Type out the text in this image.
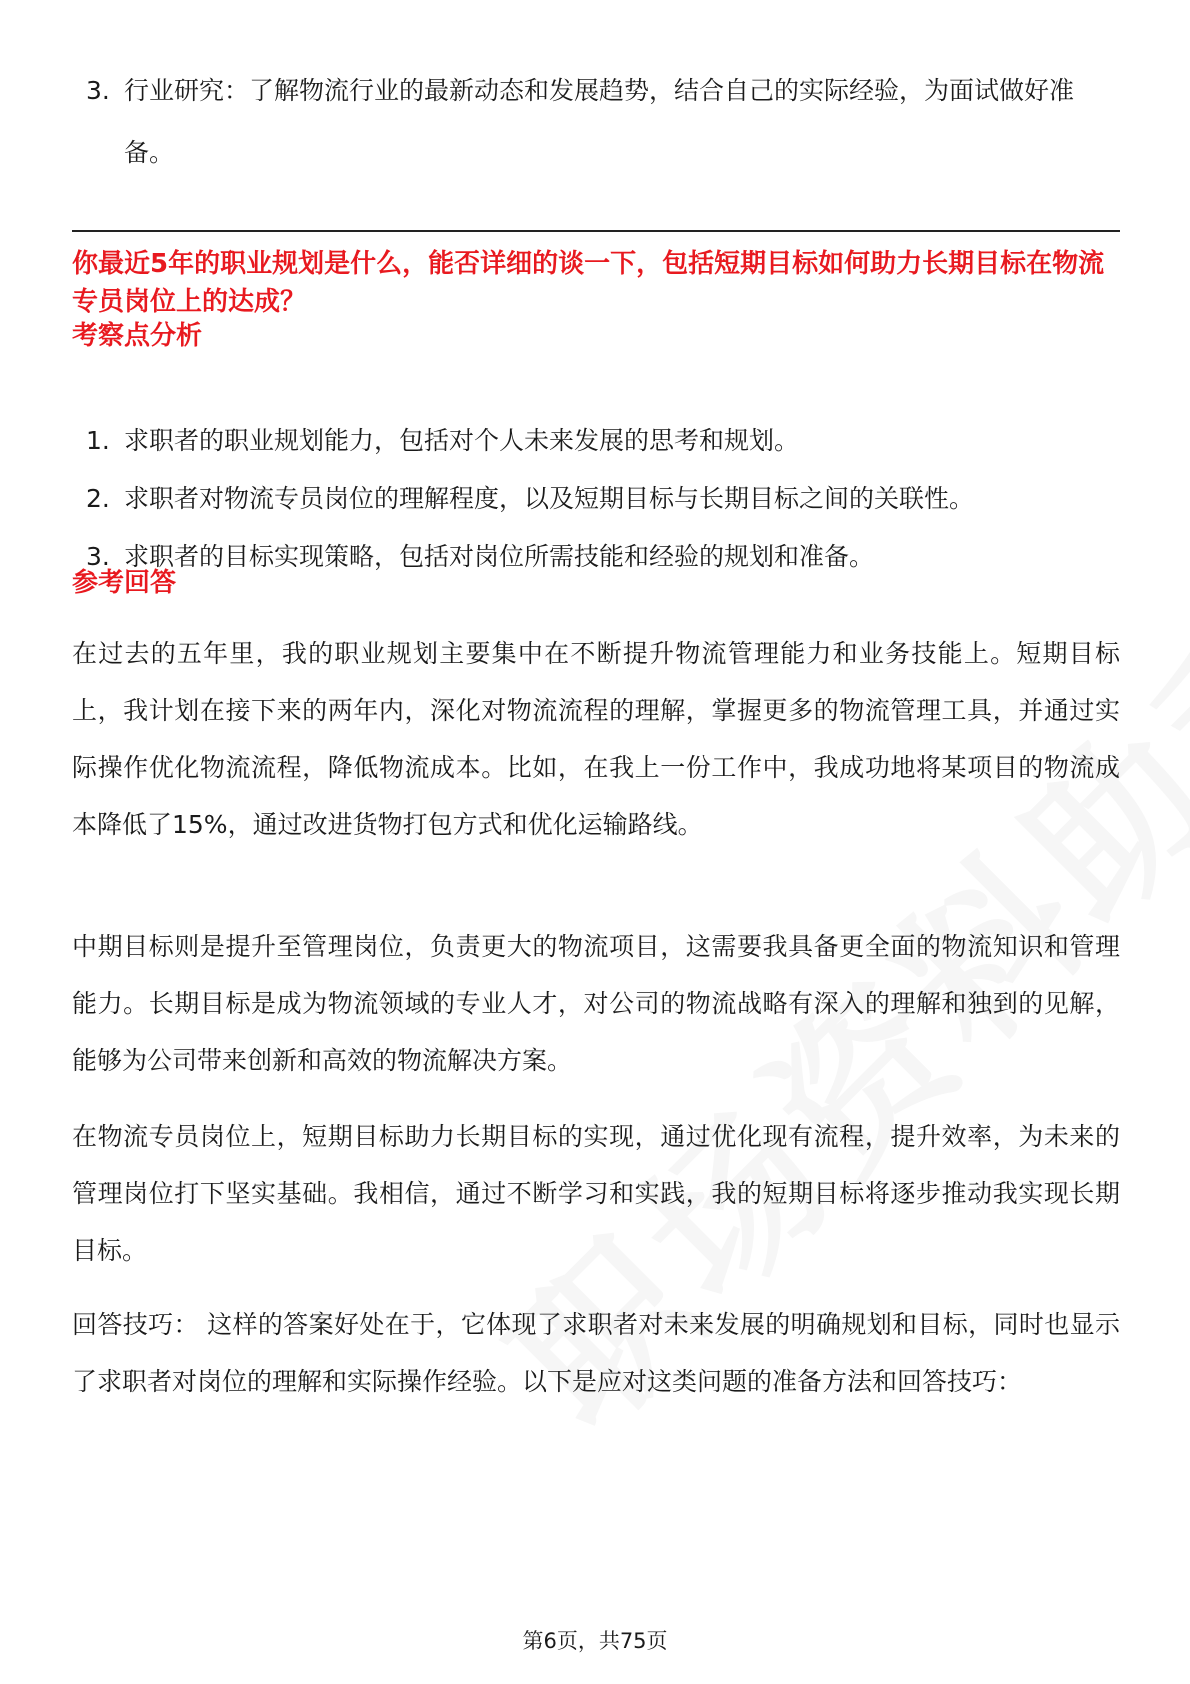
3. 行业研究：了解物流行业的最新动态和发展趋势，结合自己的实际经验，为面试做好准备。
你最近5年的职业规划是什么，能否详细的谈一下，包括短期目标如何助力长期目标在物流专员岗位上的达成？
考察点分析
1. 求职者的职业规划能力，包括对个人未来发展的思考和规划。
2. 求职者对物流专员岗位的理解程度，以及短期目标与长期目标之间的关联性。
3. 求职者的目标实现策略，包括对岗位所需技能和经验的规划和准备。
参考回答

在过去的五年里，我的职业规划主要集中在不断提升物流管理能力和业务技能上。短期目标上，我计划在接下来的两年内，深化对物流流程的理解，掌握更多的物流管理工具，并通过实际操作优化物流流程，降低物流成本。比如，在我上一份工作中，我成功地将某项目的物流成本降低了15%，通过改进货物打包方式和优化运输路线。

中期目标则是提升至管理岗位，负责更大的物流项目，这需要我具备更全面的物流知识和管理能力。长期目标是成为物流领域的专业人才，对公司的物流战略有深入的理解和独到的见解，能够为公司带来创新和高效的物流解决方案。

在物流专员岗位上，短期目标助力长期目标的实现，通过优化现有流程，提升效率，为未来的管理岗位打下坚实基础。我相信，通过不断学习和实践，我的短期目标将逐步推动我实现长期目标。

回答技巧： 这样的答案好处在于，它体现了求职者对未来发展的明确规划和目标，同时也显示了求职者对岗位的理解和实际操作经验。以下是应对这类问题的准备方法和回答技巧：

第6页，共75页
